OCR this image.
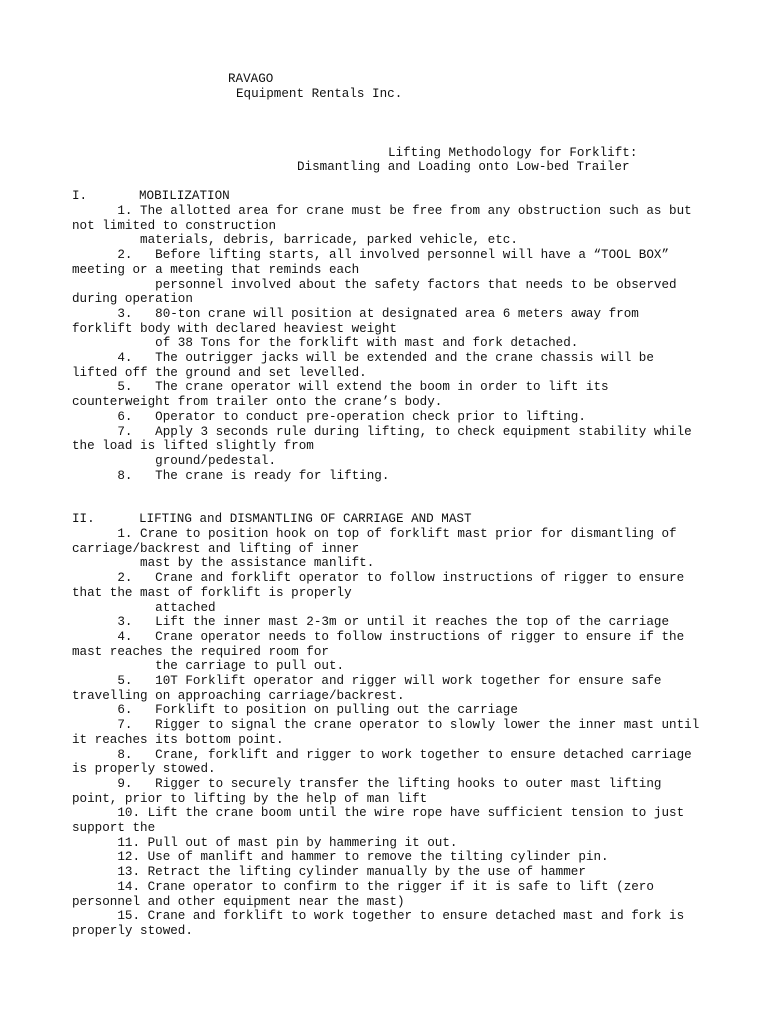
RAVAGO
Equipment Rentals Inc.
Lifting Methodology for Forklift:
Dismantling and Loading onto Low-bed Trailer
I.	MOBILIZATION
II.	LIFTING and DISMANTLING OF CARRIAGE AND MAST
1. The allotted area for crane must be free from any obstruction such as but
not limited to construction
materials, debris, barricade, parked vehicle, etc.
2.   Before lifting starts, all involved personnel will have a “TOOL BOX”
meeting or a meeting that reminds each
personnel involved about the safety factors that needs to be observed
during operation
3.   80-ton crane will position at designated area 6 meters away from
forklift body with declared heaviest weight
of 38 Tons for the forklift with mast and fork detached.
4.   The outrigger jacks will be extended and the crane chassis will be
lifted off the ground and set levelled.
5.   The crane operator will extend the boom in order to lift its
counterweight from trailer onto the crane’s body.
6.   Operator to conduct pre-operation check prior to lifting.
7.   Apply 3 seconds rule during lifting, to check equipment stability while
the load is lifted slightly from
ground/pedestal.
8.   The crane is ready for lifting.
1. Crane to position hook on top of forklift mast prior for dismantling of
carriage/backrest and lifting of inner
mast by the assistance manlift.
2.   Crane and forklift operator to follow instructions of rigger to ensure
that the mast of forklift is properly
attached
3.   Lift the inner mast 2-3m or until it reaches the top of the carriage
4.   Crane operator needs to follow instructions of rigger to ensure if the
mast reaches the required room for
the carriage to pull out.
5.   10T Forklift operator and rigger will work together for ensure safe
travelling on approaching carriage/backrest.
6.   Forklift to position on pulling out the carriage
7.   Rigger to signal the crane operator to slowly lower the inner mast until
it reaches its bottom point.
8.   Crane, forklift and rigger to work together to ensure detached carriage
is properly stowed.
9.   Rigger to securely transfer the lifting hooks to outer mast lifting
point, prior to lifting by the help of man lift
10. Lift the crane boom until the wire rope have sufficient tension to just
support the
11. Pull out of mast pin by hammering it out.
12. Use of manlift and hammer to remove the tilting cylinder pin.
13. Retract the lifting cylinder manually by the use of hammer
14. Crane operator to confirm to the rigger if it is safe to lift (zero
personnel and other equipment near the mast)
15. Crane and forklift to work together to ensure detached mast and fork is
properly stowed.
